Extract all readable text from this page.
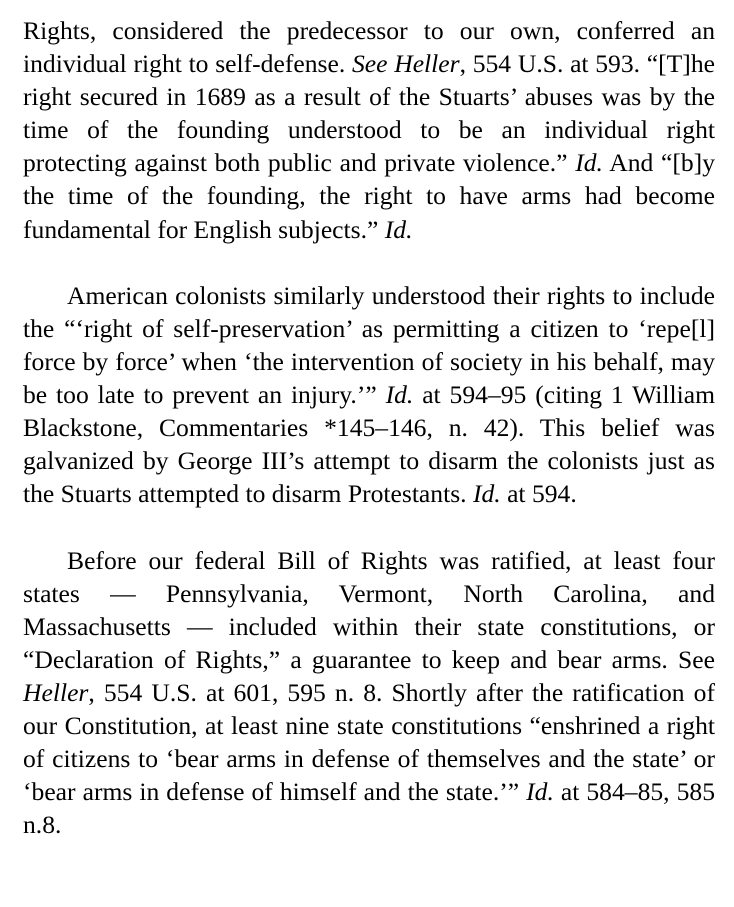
Rights, considered the predecessor to our own, conferred an individual right to self-defense. See Heller, 554 U.S. at 593. “[T]he right secured in 1689 as a result of the Stuarts’ abuses was by the time of the founding understood to be an individual right protecting against both public and private violence.” Id. And “[b]y the time of the founding, the right to have arms had become fundamental for English subjects.” Id.

American colonists similarly understood their rights to include the “‘right of self-preservation’ as permitting a citizen to ‘repe[l] force by force’ when ‘the intervention of society in his behalf, may be too late to prevent an injury.’” Id. at 594–95 (citing 1 William Blackstone, Commentaries *145–146, n. 42). This belief was galvanized by George III’s attempt to disarm the colonists just as the Stuarts attempted to disarm Protestants. Id. at 594.

Before our federal Bill of Rights was ratified, at least four states — Pennsylvania, Vermont, North Carolina, and Massachusetts — included within their state constitutions, or “Declaration of Rights,” a guarantee to keep and bear arms. See Heller, 554 U.S. at 601, 595 n. 8. Shortly after the ratification of our Constitution, at least nine state constitutions “enshrined a right of citizens to ‘bear arms in defense of themselves and the state’ or ‘bear arms in defense of himself and the state.’” Id. at 584–85, 585 n.8.
